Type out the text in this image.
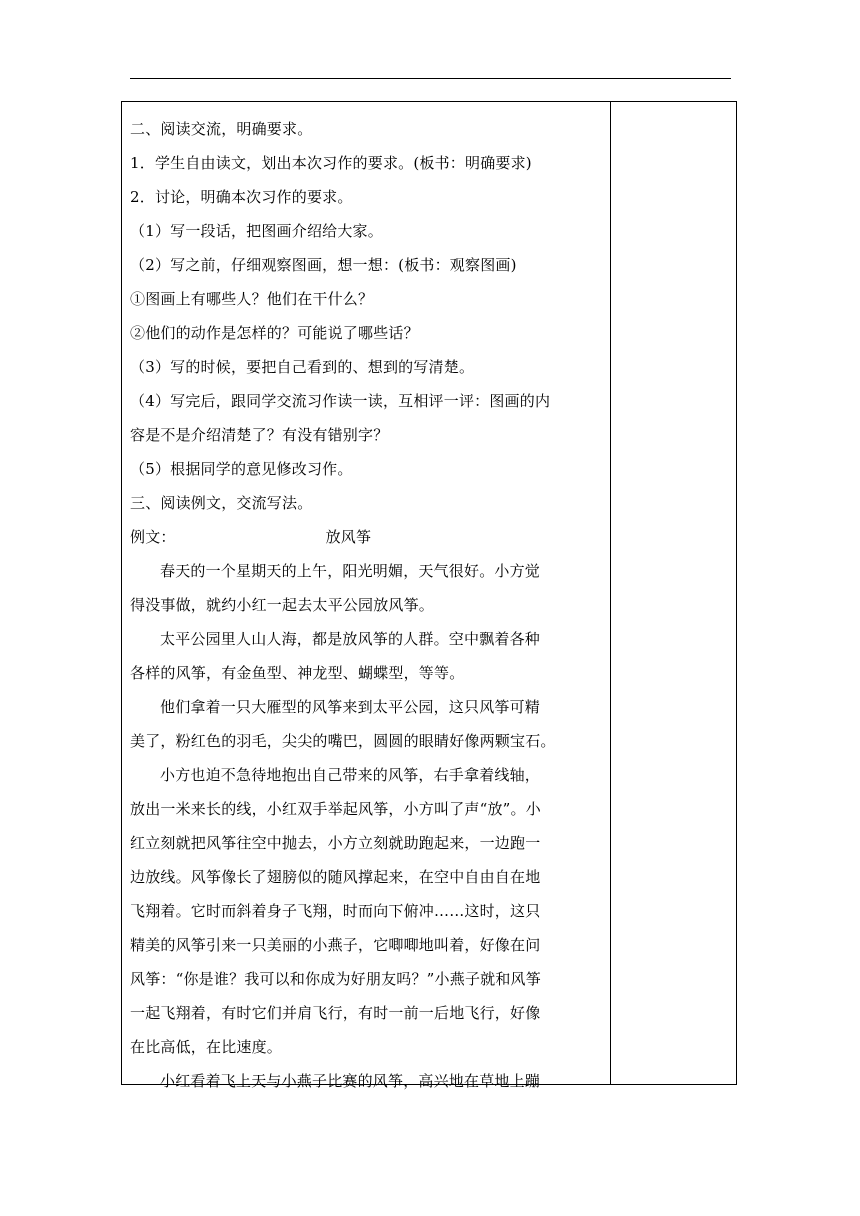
二、阅读交流，明确要求。
1．学生自由读文，划出本次习作的要求。(板书：明确要求)
2．讨论，明确本次习作的要求。
（1）写一段话，把图画介绍给大家。
（2）写之前，仔细观察图画，想一想：(板书：观察图画)
①图画上有哪些人？他们在干什么？
②他们的动作是怎样的？可能说了哪些话？
（3）写的时候，要把自己看到的、想到的写清楚。
（4）写完后，跟同学交流习作读一读，互相评一评：图画的内
容是不是介绍清楚了？有没有错别字？
（5）根据同学的意见修改习作。
三、阅读例文，交流写法。
例文：	放风筝
春天的一个星期天的上午，阳光明媚，天气很好。小方觉
得没事做，就约小红一起去太平公园放风筝。
太平公园里人山人海，都是放风筝的人群。空中飘着各种
各样的风筝，有金鱼型、神龙型、蝴蝶型，等等。
他们拿着一只大雁型的风筝来到太平公园，这只风筝可精
美了，粉红色的羽毛，尖尖的嘴巴，圆圆的眼睛好像两颗宝石。
小方也迫不急待地抱出自己带来的风筝，右手拿着线轴，
放出一米来长的线，小红双手举起风筝，小方叫了声“放”。小
红立刻就把风筝往空中抛去，小方立刻就助跑起来，一边跑一
边放线。风筝像长了翅膀似的随风撑起来，在空中自由自在地
飞翔着。它时而斜着身子飞翔，时而向下俯冲……这时，这只
精美的风筝引来一只美丽的小燕子，它唧唧地叫着，好像在问
风筝：“你是谁？我可以和你成为好朋友吗？”小燕子就和风筝
一起飞翔着，有时它们并肩飞行，有时一前一后地飞行，好像
在比高低，在比速度。
小红看着飞上天与小燕子比赛的风筝，高兴地在草地上蹦
